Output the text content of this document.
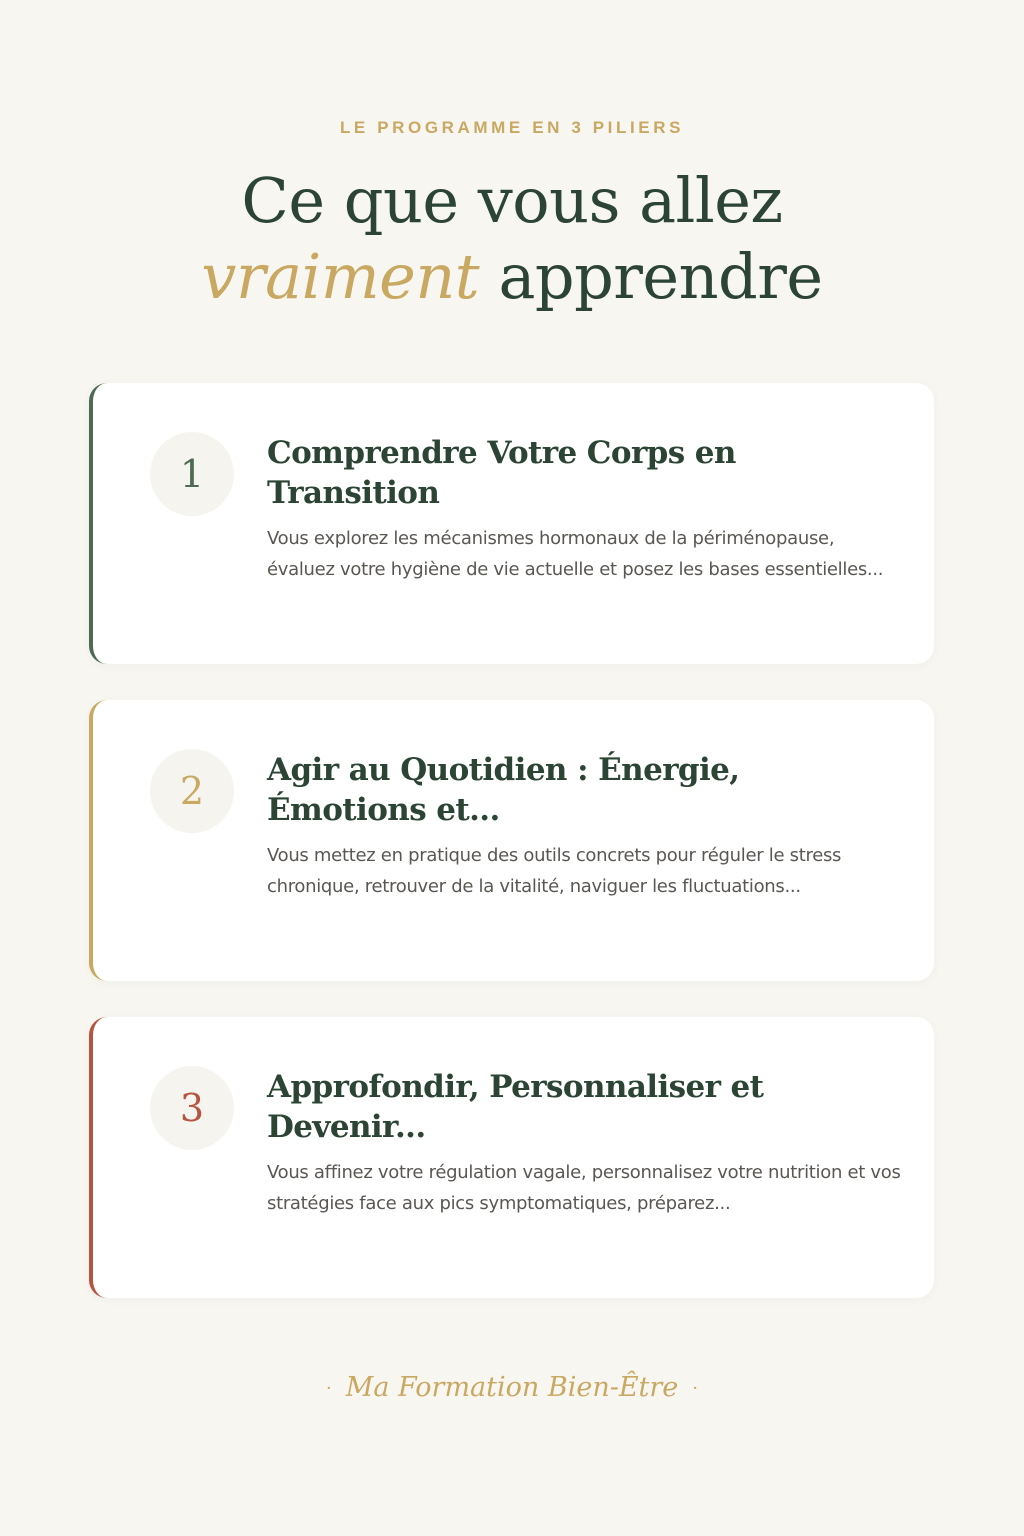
LE PROGRAMME EN 3 PILIERS
Ce que vous allez
vraiment apprendre
1	Comprendre Votre Corps en Transition

Vous explorez les mécanismes hormonaux de la périménopause, évaluez votre hygiène de vie actuelle et posez les bases essentielles...

2	Agir au Quotidien : Énergie, Émotions et...

Vous mettez en pratique des outils concrets pour réguler le stress chronique, retrouver de la vitalité, naviguer les fluctuations...

3	Approfondir, Personnaliser et Devenir...

Vous affinez votre régulation vagale, personnalisez votre nutrition et vos stratégies face aux pics symptomatiques, préparez...

· Ma Formation Bien-Être ·
